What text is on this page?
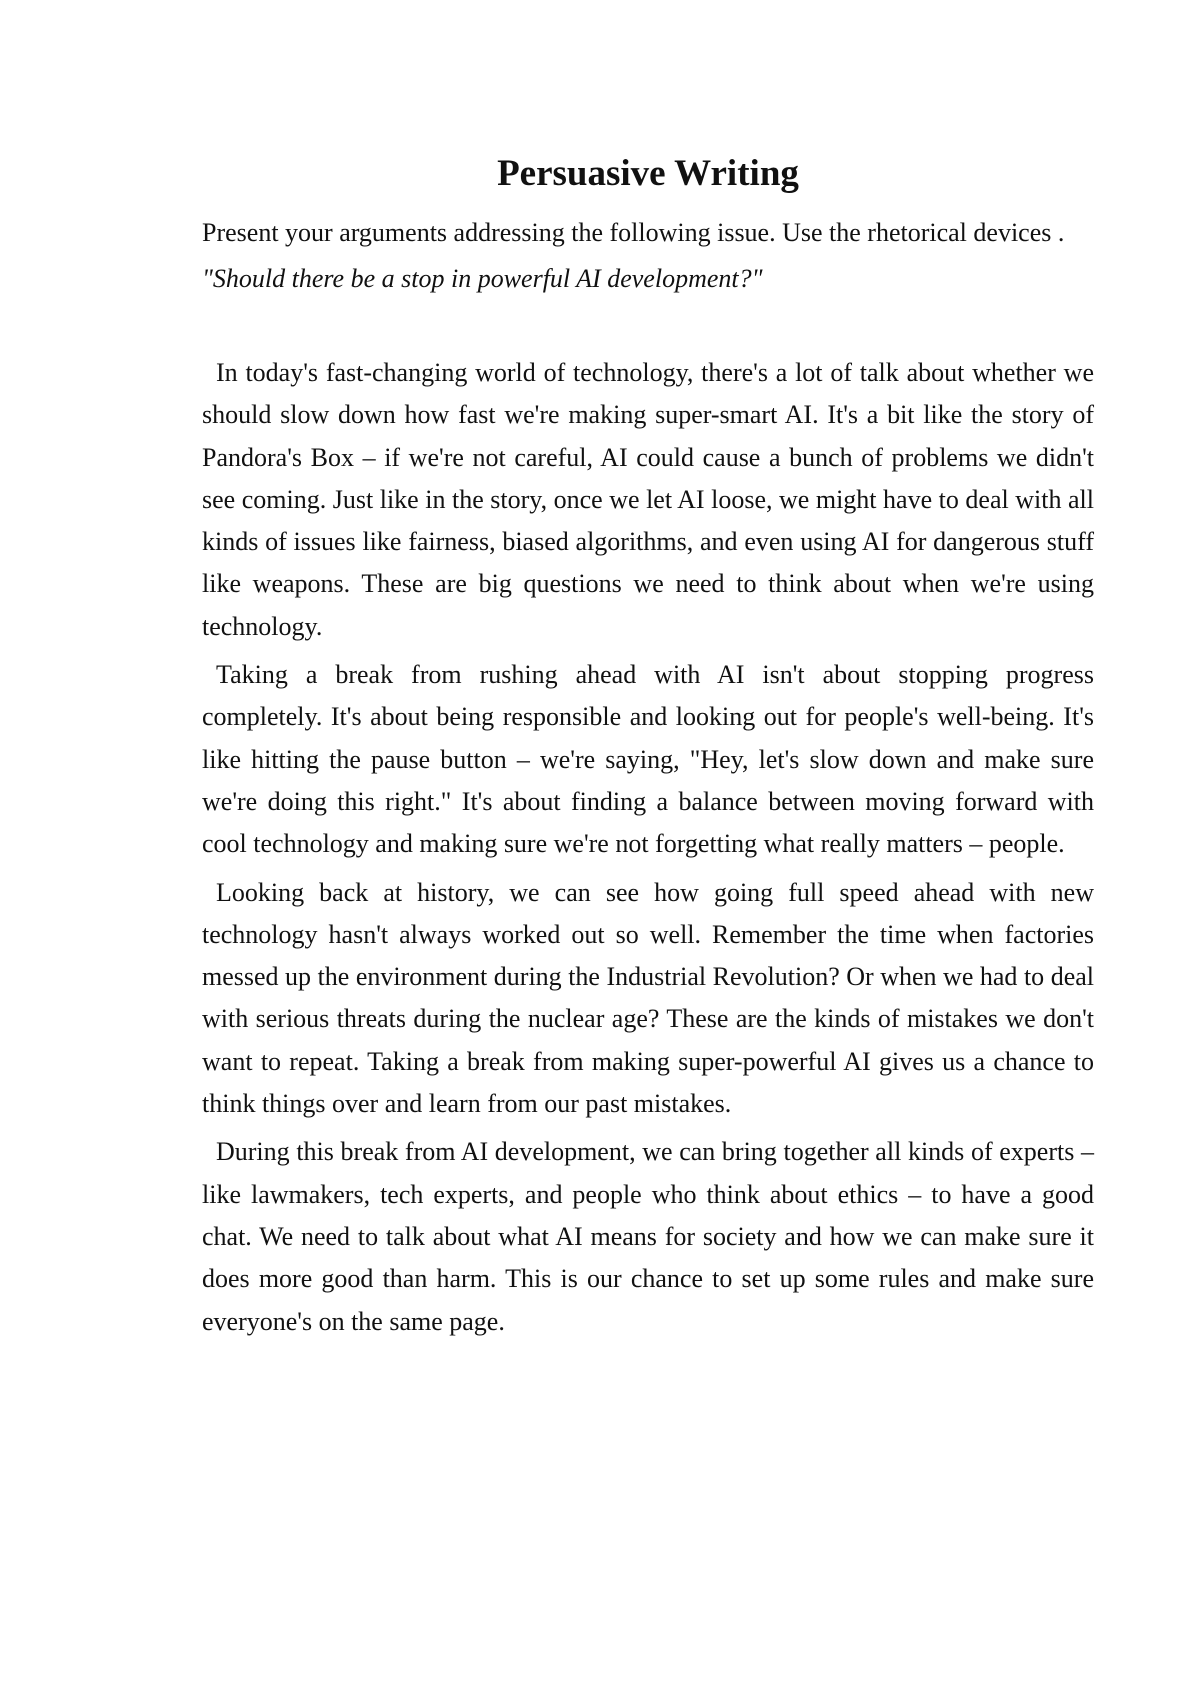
Persuasive Writing

Present your arguments addressing the following issue. Use the rhetorical devices .

"Should there be a stop in powerful AI development?"

In today's fast-changing world of technology, there's a lot of talk about whether we should slow down how fast we're making super-smart AI. It's a bit like the story of Pandora's Box – if we're not careful, AI could cause a bunch of problems we didn't see coming. Just like in the story, once we let AI loose, we might have to deal with all kinds of issues like fairness, biased algorithms, and even using AI for dangerous stuff like weapons. These are big questions we need to think about when we're using technology.

Taking a break from rushing ahead with AI isn't about stopping progress completely. It's about being responsible and looking out for people's well-being. It's like hitting the pause button – we're saying, "Hey, let's slow down and make sure we're doing this right." It's about finding a balance between moving forward with cool technology and making sure we're not forgetting what really matters – people.

Looking back at history, we can see how going full speed ahead with new technology hasn't always worked out so well. Remember the time when factories messed up the environment during the Industrial Revolution? Or when we had to deal with serious threats during the nuclear age? These are the kinds of mistakes we don't want to repeat. Taking a break from making super-powerful AI gives us a chance to think things over and learn from our past mistakes.

During this break from AI development, we can bring together all kinds of experts – like lawmakers, tech experts, and people who think about ethics – to have a good chat. We need to talk about what AI means for society and how we can make sure it does more good than harm. This is our chance to set up some rules and make sure everyone's on the same page.
